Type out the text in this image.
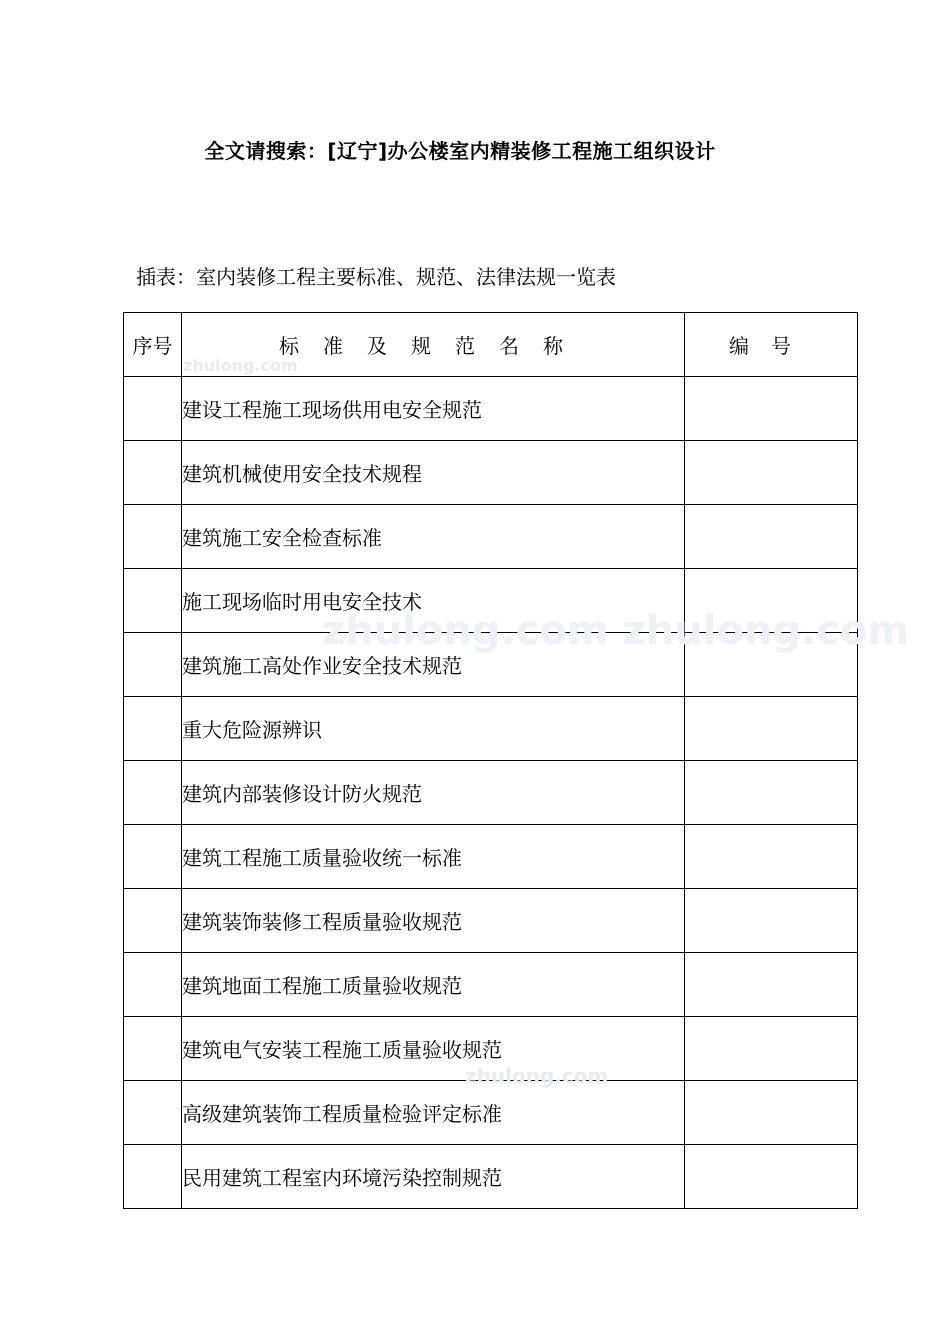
全文请搜索：[辽宁]办公楼室内精装修工程施工组织设计
插表：室内装修工程主要标准、规范、法律法规一览表
序号	标准及规范名称	编号
	建设工程施工现场供用电安全规范	
	建筑机械使用安全技术规程	
	建筑施工安全检查标准	
	施工现场临时用电安全技术	
	建筑施工高处作业安全技术规范	
	重大危险源辨识	
	建筑内部装修设计防火规范	
	建筑工程施工质量验收统一标准	
	建筑装饰装修工程质量验收规范	
	建筑地面工程施工质量验收规范	
	建筑电气安装工程施工质量验收规范	
	高级建筑装饰工程质量检验评定标准	
	民用建筑工程室内环境污染控制规范	
zhulong.com
zhulong.com zhulong.com
zhulong.com
